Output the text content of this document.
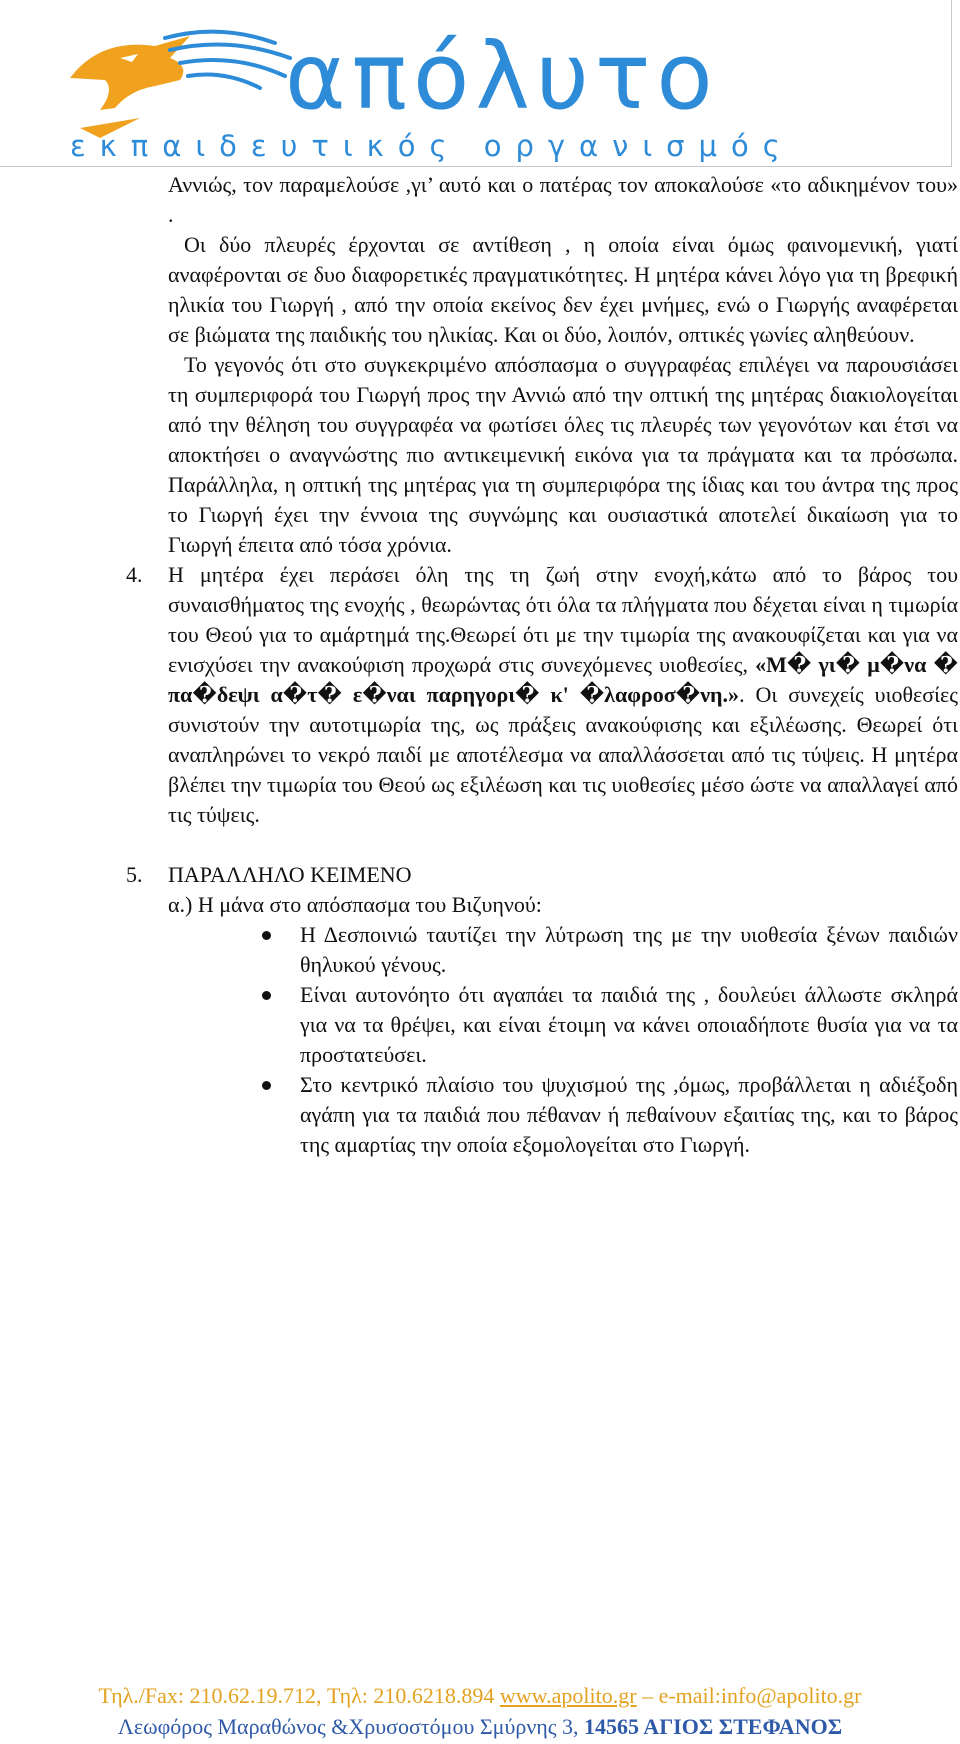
απόλυτο
εκπαιδευτικός οργανισμός

Αννιώς, τον παραμελούσε ,γι’ αυτό και ο πατέρας τον αποκαλούσε «το αδικημένον του» .

Οι δύο πλευρές έρχονται σε αντίθεση , η οποία είναι όμως φαινομενική, γιατί αναφέρονται σε δυο διαφορετικές πραγματικότητες. Η μητέρα κάνει λόγο για τη βρεφική ηλικία του Γιωργή , από την οποία εκείνος δεν έχει μνήμες, ενώ ο Γιωργής αναφέρεται σε βιώματα της παιδικής του ηλικίας. Και οι δύο, λοιπόν, οπτικές γωνίες αληθεύουν.

Το γεγονός ότι στο συγκεκριμένο απόσπασμα ο συγγραφέας επιλέγει να παρουσιάσει τη συμπεριφορά του Γιωργή προς την Αννιώ από την οπτική της μητέρας διακιολογείται από την θέληση του συγγραφέα να φωτίσει όλες τις πλευρές των γεγονότων και έτσι να αποκτήσει ο αναγνώστης πιο αντικειμενική εικόνα για τα πράγματα και τα πρόσωπα. Παράλληλα, η οπτική της μητέρας για τη συμπεριφόρα της ίδιας και του άντρα της προς το Γιωργή έχει την έννοια της συγνώμης και ουσιαστικά αποτελεί δικαίωση για το Γιωργή έπειτα από τόσα χρόνια.

4. Η μητέρα έχει περάσει όλη της τη ζωή στην ενοχή,κάτω από το βάρος του συναισθήματος της ενοχής , θεωρώντας ότι όλα τα πλήγματα που δέχεται είναι η τιμωρία του Θεού για το αμάρτημά της.Θεωρεί ότι με την τιμωρία της ανακουφίζεται και για να ενισχύσει την ανακούφιση προχωρά στις συνεχόμενες υιοθεσίες, «Μ� γι� μ�να � πα�δεψι α�τ� ε�ναι παρηγορι� κ' �λαφροσ�νη.». Οι συνεχείς υιοθεσίες συνιστούν την αυτοτιμωρία της, ως πράξεις ανακούφισης και εξιλέωσης. Θεωρεί ότι αναπληρώνει το νεκρό παιδί με αποτέλεσμα να απαλλάσσεται από τις τύψεις. Η μητέρα βλέπει την τιμωρία του Θεού ως εξιλέωση και τις υιοθεσίες μέσο ώστε να απαλλαγεί από τις τύψεις.

5. ΠΑΡΑΛΛΗΛΟ ΚΕΙΜΕΝΟ

α.) Η μάνα στο απόσπασμα του Βιζυηνού:

Η Δεσποινιώ ταυτίζει την λύτρωση της με την υιοθεσία ξένων παιδιών θηλυκού γένους.
Είναι αυτονόητο ότι αγαπάει τα παιδιά της , δουλεύει άλλωστε σκληρά για να τα θρέψει, και είναι έτοιμη να κάνει οποιαδήποτε θυσία για να τα προστατεύσει.
Στο κεντρικό πλαίσιο του ψυχισμού της ,όμως, προβάλλεται η αδιέξοδη αγάπη για τα παιδιά που πέθαναν ή πεθαίνουν εξαιτίας της, και το βάρος της αμαρτίας την οποία εξομολογείται στο Γιωργή.
Τηλ./Fax: 210.62.19.712, Τηλ: 210.6218.894 www.apolito.gr – e-mail:info@apolito.gr
Λεωφόρος Μαραθώνος &Χρυσοστόμου Σμύρνης 3, 14565 ΑΓΙΟΣ ΣΤΕΦΑΝΟΣ
